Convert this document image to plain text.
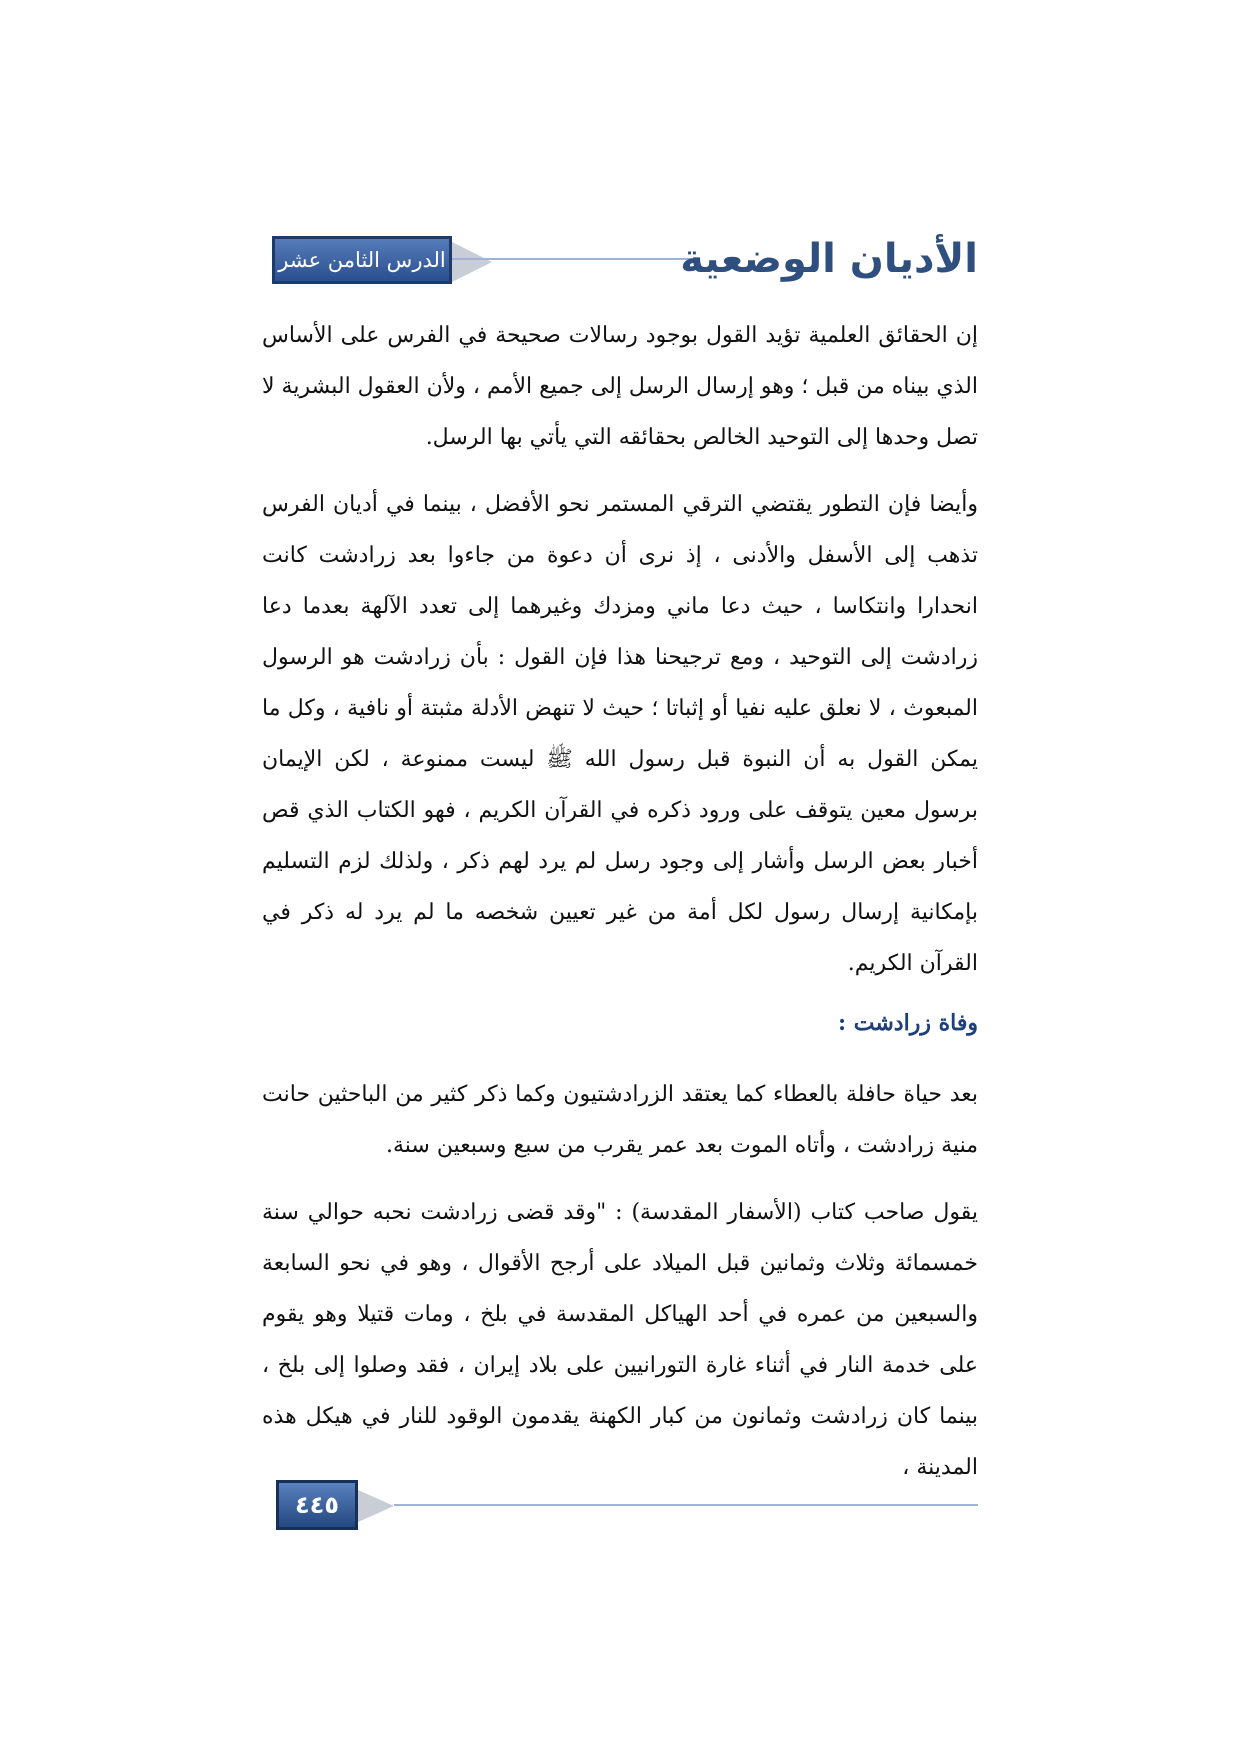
الدرس الثامن عشر	الأديان الوضعية

إن الحقائق العلمية تؤيد القول بوجود رسالات صحيحة في الفرس على الأساس الذي بيناه من قبل ؛ وهو إرسال الرسل إلى جميع الأمم ، ولأن العقول البشرية لا تصل وحدها إلى التوحيد الخالص بحقائقه التي يأتي بها الرسل.

وأيضا فإن التطور يقتضي الترقي المستمر نحو الأفضل ، بينما في أديان الفرس تذهب إلى الأسفل والأدنى ، إذ نرى أن دعوة من جاءوا بعد زرادشت كانت انحدارا وانتكاسا ، حيث دعا ماني ومزدك وغيرهما إلى تعدد الآلهة بعدما دعا زرادشت إلى التوحيد ، ومع ترجيحنا هذا فإن القول : بأن زرادشت هو الرسول المبعوث ، لا نعلق عليه نفيا أو إثباتا ؛ حيث لا تنهض الأدلة مثبتة أو نافية ، وكل ما يمكن القول به أن النبوة قبل رسول الله ﷺ ليست ممنوعة ، لكن الإيمان برسول معين يتوقف على ورود ذكره في القرآن الكريم ، فهو الكتاب الذي قص أخبار بعض الرسل وأشار إلى وجود رسل لم يرد لهم ذكر ، ولذلك لزم التسليم بإمكانية إرسال رسول لكل أمة من غير تعيين شخصه ما لم يرد له ذكر في القرآن الكريم.

وفاة زرادشت :

بعد حياة حافلة بالعطاء كما يعتقد الزرادشتيون وكما ذكر كثير من الباحثين حانت منية زرادشت ، وأتاه الموت بعد عمر يقرب من سبع وسبعين سنة.

يقول صاحب كتاب (الأسفار المقدسة) : "وقد قضى زرادشت نحبه حوالي سنة خمسمائة وثلاث وثمانين قبل الميلاد على أرجح الأقوال ، وهو في نحو السابعة والسبعين من عمره في أحد الهياكل المقدسة في بلخ ، ومات قتيلا وهو يقوم على خدمة النار في أثناء غارة التورانيين على بلاد إيران ، فقد وصلوا إلى بلخ ، بينما كان زرادشت وثمانون من كبار الكهنة يقدمون الوقود للنار في هيكل هذه المدينة ،

٤٤٥
